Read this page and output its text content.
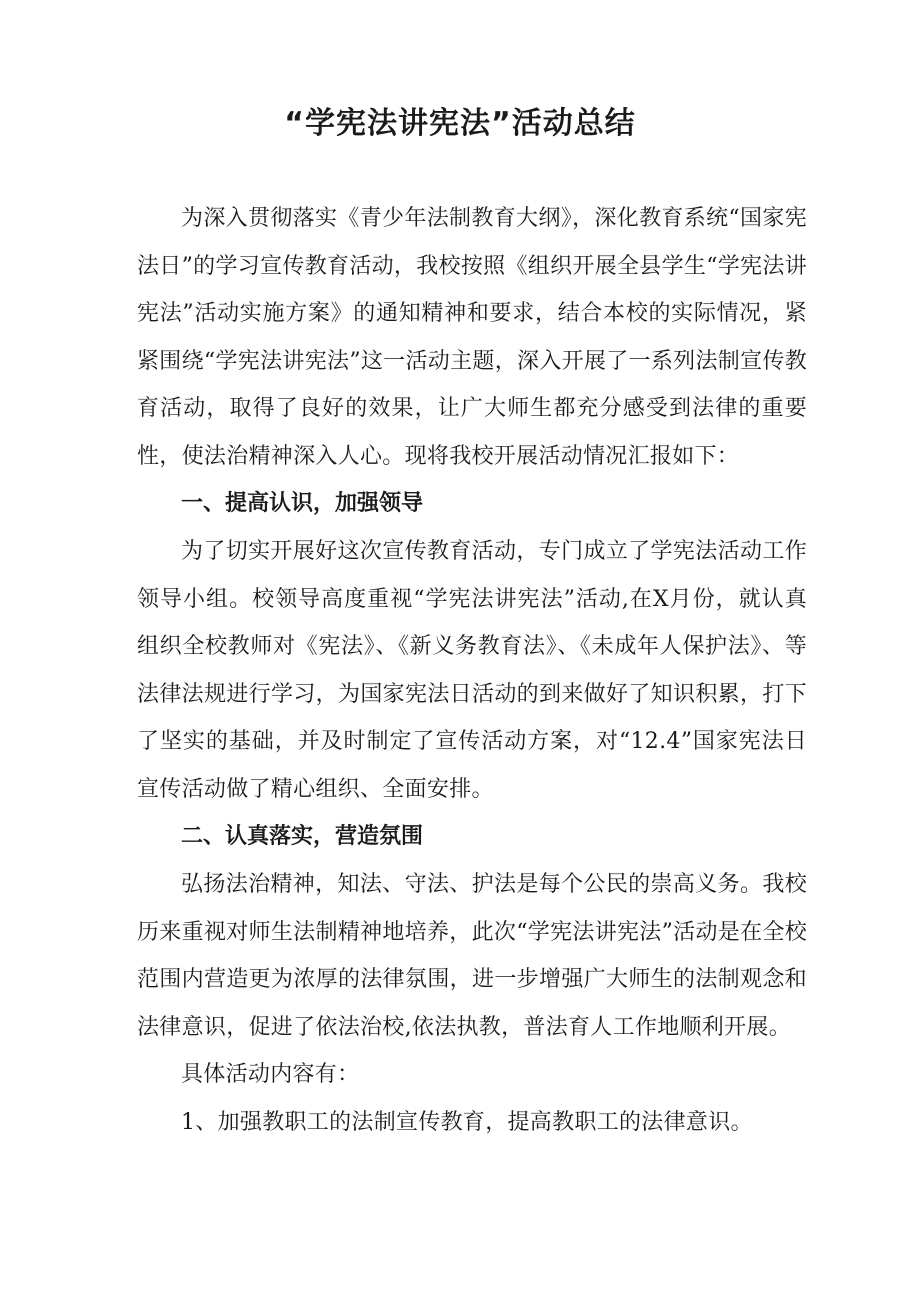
“学宪法讲宪法”活动总结

为深入贯彻落实《青少年法制教育大纲》，深化教育系统“国家宪法日”的学习宣传教育活动，我校按照《组织开展全县学生“学宪法讲宪法”活动实施方案》的通知精神和要求，结合本校的实际情况，紧紧围绕“学宪法讲宪法”这一活动主题，深入开展了一系列法制宣传教育活动，取得了良好的效果，让广大师生都充分感受到法律的重要性，使法治精神深入人心。现将我校开展活动情况汇报如下：

一、提高认识，加强领导

为了切实开展好这次宣传教育活动，专门成立了学宪法活动工作领导小组。校领导高度重视“学宪法讲宪法”活动,在X月份，就认真组织全校教师对《宪法》、《新义务教育法》、《未成年人保护法》、等法律法规进行学习，为国家宪法日活动的到来做好了知识积累，打下了坚实的基础，并及时制定了宣传活动方案，对“12.4”国家宪法日宣传活动做了精心组织、全面安排。

二、认真落实，营造氛围

弘扬法治精神，知法、守法、护法是每个公民的崇高义务。我校历来重视对师生法制精神地培养，此次“学宪法讲宪法”活动是在全校范围内营造更为浓厚的法律氛围，进一步增强广大师生的法制观念和法律意识，促进了依法治校,依法执教，普法育人工作地顺利开展。

具体活动内容有：

1、加强教职工的法制宣传教育，提高教职工的法律意识。
